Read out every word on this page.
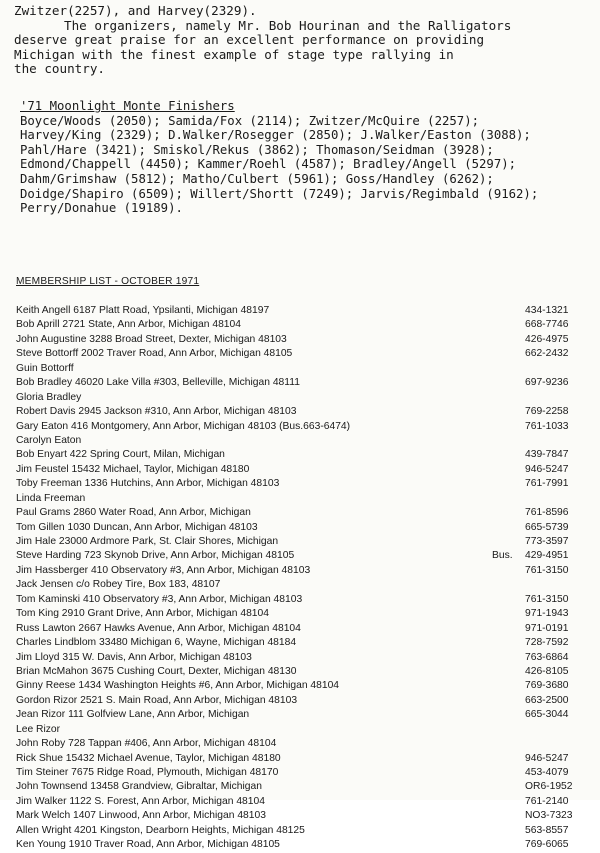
Zwitzer(2257), and Harvey(2329).

The organizers, namely Mr. Bob Hourinan and the Ralligators

deserve great praise for an excellent performance on providing

Michigan with the finest example of stage type rallying in

the country.

'71 Moonlight Monte Finishers

Boyce/Woods (2050); Samida/Fox (2114); Zwitzer/McQuire (2257);

Harvey/King (2329); D.Walker/Rosegger (2850); J.Walker/Easton (3088);

Pahl/Hare (3421); Smiskol/Rekus (3862); Thomason/Seidman (3928);

Edmond/Chappell (4450); Kammer/Roehl (4587); Bradley/Angell (5297);

Dahm/Grimshaw (5812); Matho/Culbert (5961); Goss/Handley (6262);

Doidge/Shapiro (6509); Willert/Shortt (7249); Jarvis/Regimbald (9162);

Perry/Donahue (19189).

MEMBERSHIP LIST - OCTOBER 1971

Keith Angell 6187 Platt Road, Ypsilanti, Michigan 48197	434-1321
Bob Aprill 2721 State, Ann Arbor, Michigan 48104	668-7746
John Augustine 3288 Broad Street, Dexter, Michigan 48103	426-4975
Steve Bottorff 2002 Traver Road, Ann Arbor, Michigan 48105	662-2432
Guin Bottorff
Bob Bradley 46020 Lake Villa #303, Belleville, Michigan 48111	697-9236
Gloria Bradley
Robert Davis 2945 Jackson #310, Ann Arbor, Michigan 48103	769-2258
Gary Eaton 416 Montgomery, Ann Arbor, Michigan 48103 (Bus.663-6474)	761-1033
Carolyn Eaton
Bob Enyart 422 Spring Court, Milan, Michigan	439-7847
Jim Feustel 15432 Michael, Taylor, Michigan 48180	946-5247
Toby Freeman 1336 Hutchins, Ann Arbor, Michigan 48103	761-7991
Linda Freeman
Paul Grams 2860 Water Road, Ann Arbor, Michigan	761-8596
Tom Gillen 1030 Duncan, Ann Arbor, Michigan 48103	665-5739
Jim Hale 23000 Ardmore Park, St. Clair Shores, Michigan	773-3597
Steve Harding 723 Skynob Drive, Ann Arbor, Michigan 48105	Bus. 429-4951
Jim Hassberger 410 Observatory #3, Ann Arbor, Michigan 48103	761-3150
Jack Jensen c/o Robey Tire, Box 183, 48107
Tom Kaminski 410 Observatory #3, Ann Arbor, Michigan 48103	761-3150
Tom King 2910 Grant Drive, Ann Arbor, Michigan 48104	971-1943
Russ Lawton 2667 Hawks Avenue, Ann Arbor, Michigan 48104	971-0191
Charles Lindblom 33480 Michigan 6, Wayne, Michigan 48184	728-7592
Jim Lloyd 315 W. Davis, Ann Arbor, Michigan 48103	763-6864
Brian McMahon 3675 Cushing Court, Dexter, Michigan 48130	426-8105
Ginny Reese 1434 Washington Heights #6, Ann Arbor, Michigan 48104	769-3680
Gordon Rizor 2521 S. Main Road, Ann Arbor, Michigan 48103	663-2500
Jean Rizor 111 Golfview Lane, Ann Arbor, Michigan	665-3044
Lee Rizor
John Roby 728 Tappan #406, Ann Arbor, Michigan 48104
Rick Shue 15432 Michael Avenue, Taylor, Michigan 48180	946-5247
Tim Steiner 7675 Ridge Road, Plymouth, Michigan 48170	453-4079
John Townsend 13458 Grandview, Gibraltar, Michigan	OR6-1952
Jim Walker 1122 S. Forest, Ann Arbor, Michigan 48104	761-2140
Mark Welch 1407 Linwood, Ann Arbor, Michigan 48103	NO3-7323
Allen Wright 4201 Kingston, Dearborn Heights, Michigan 48125	563-8557
Ken Young 1910 Traver Road, Ann Arbor, Michigan 48105	769-6065
